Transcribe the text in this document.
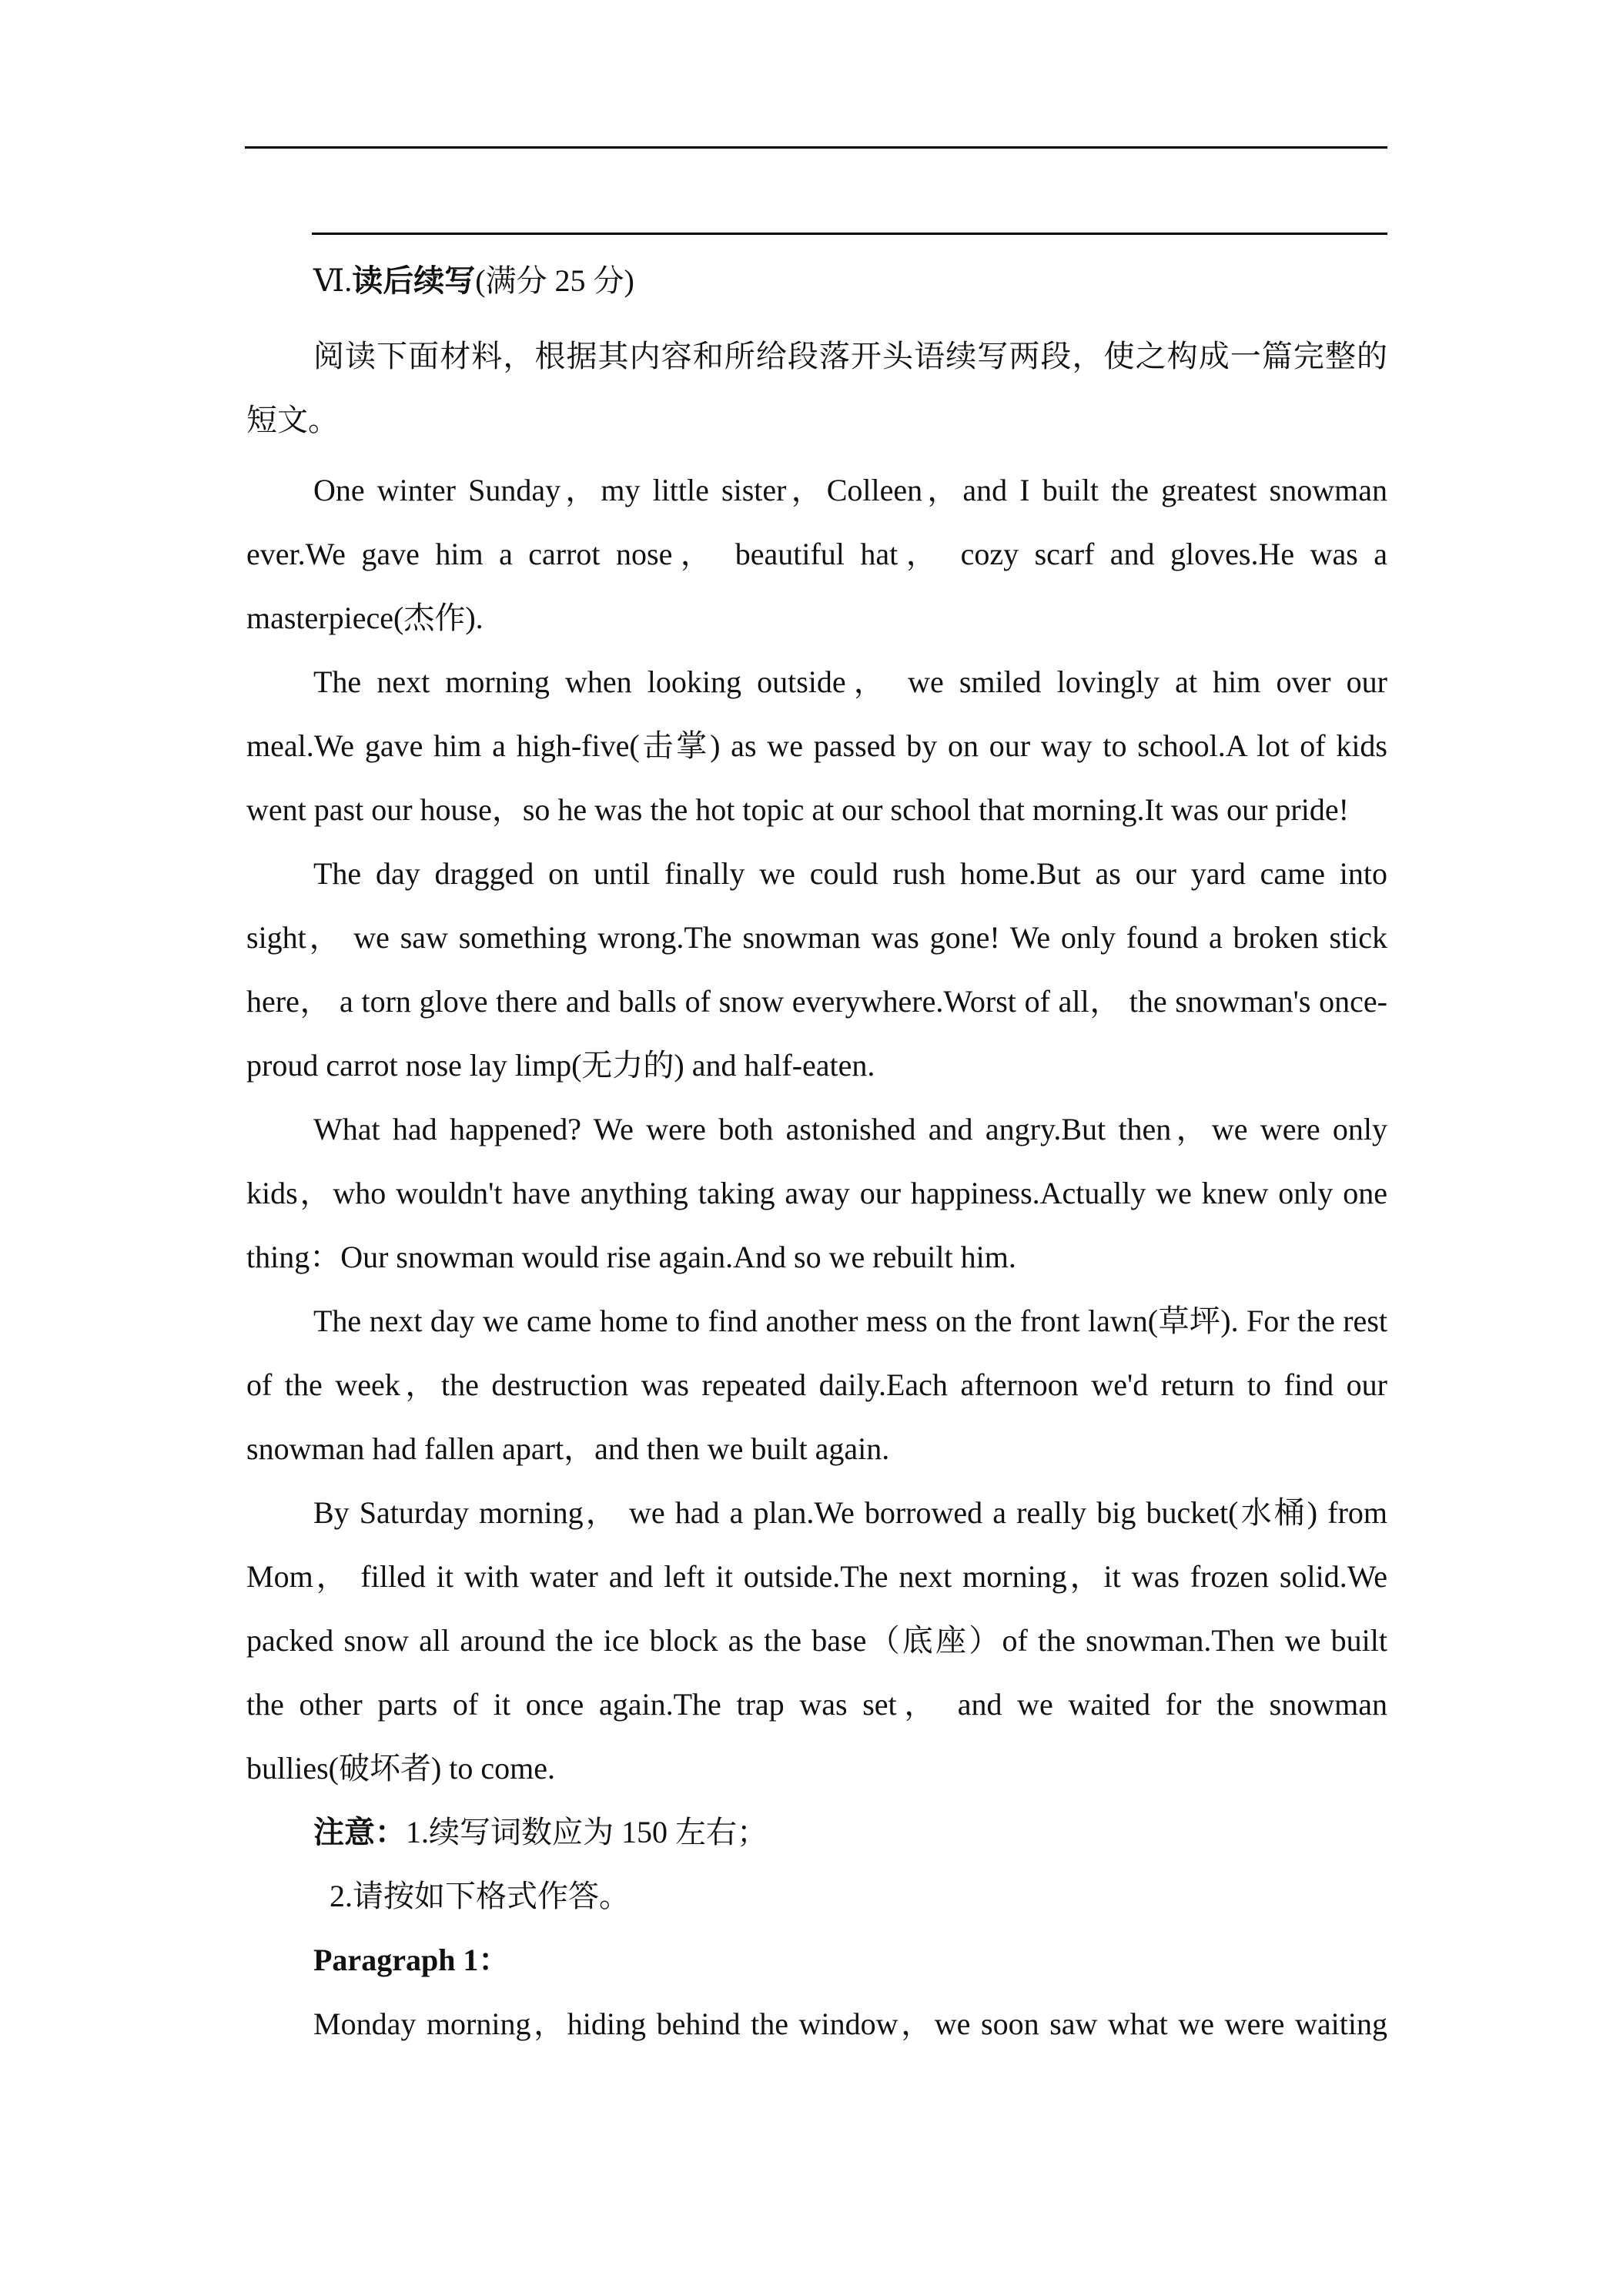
Ⅵ.读后续写(满分 25 分)

阅读下面材料，根据其内容和所给段落开头语续写两段，使之构成一篇完整的短文。

One winter Sunday，my little sister，Colleen，and I built the greatest snowman ever.We gave him a carrot nose， beautiful hat， cozy scarf and gloves.He was a masterpiece(杰作).

The next morning when looking outside， we smiled lovingly at him over our meal.We gave him a high-five(击掌) as we passed by on our way to school.A lot of kids went past our house，so he was the hot topic at our school that morning.It was our pride!

The day dragged on until finally we could rush home.But as our yard came into sight， we saw something wrong.The snowman was gone! We only found a broken stick here， a torn glove there and balls of snow everywhere.Worst of all， the snowman's once-proud carrot nose lay limp(无力的) and half-eaten.

What had happened? We were both astonished and angry.But then，we were only kids，who wouldn't have anything taking away our happiness.Actually we knew only one thing：Our snowman would rise again.And so we rebuilt him.

The next day we came home to find another mess on the front lawn(草坪). For the rest of the week，the destruction was repeated daily.Each afternoon we'd return to find our snowman had fallen apart，and then we built again.

By Saturday morning， we had a plan.We borrowed a really big bucket(水桶) from Mom， filled it with water and left it outside.The next morning，it was frozen solid.We packed snow all around the ice block as the base（底座）of the snowman.Then we built the other parts of it once again.The trap was set， and we waited for the snowman bullies(破坏者) to come.

注意：1.续写词数应为 150 左右；

2.请按如下格式作答。

Paragraph 1：

Monday morning，hiding behind the window，we soon saw what we were waiting
